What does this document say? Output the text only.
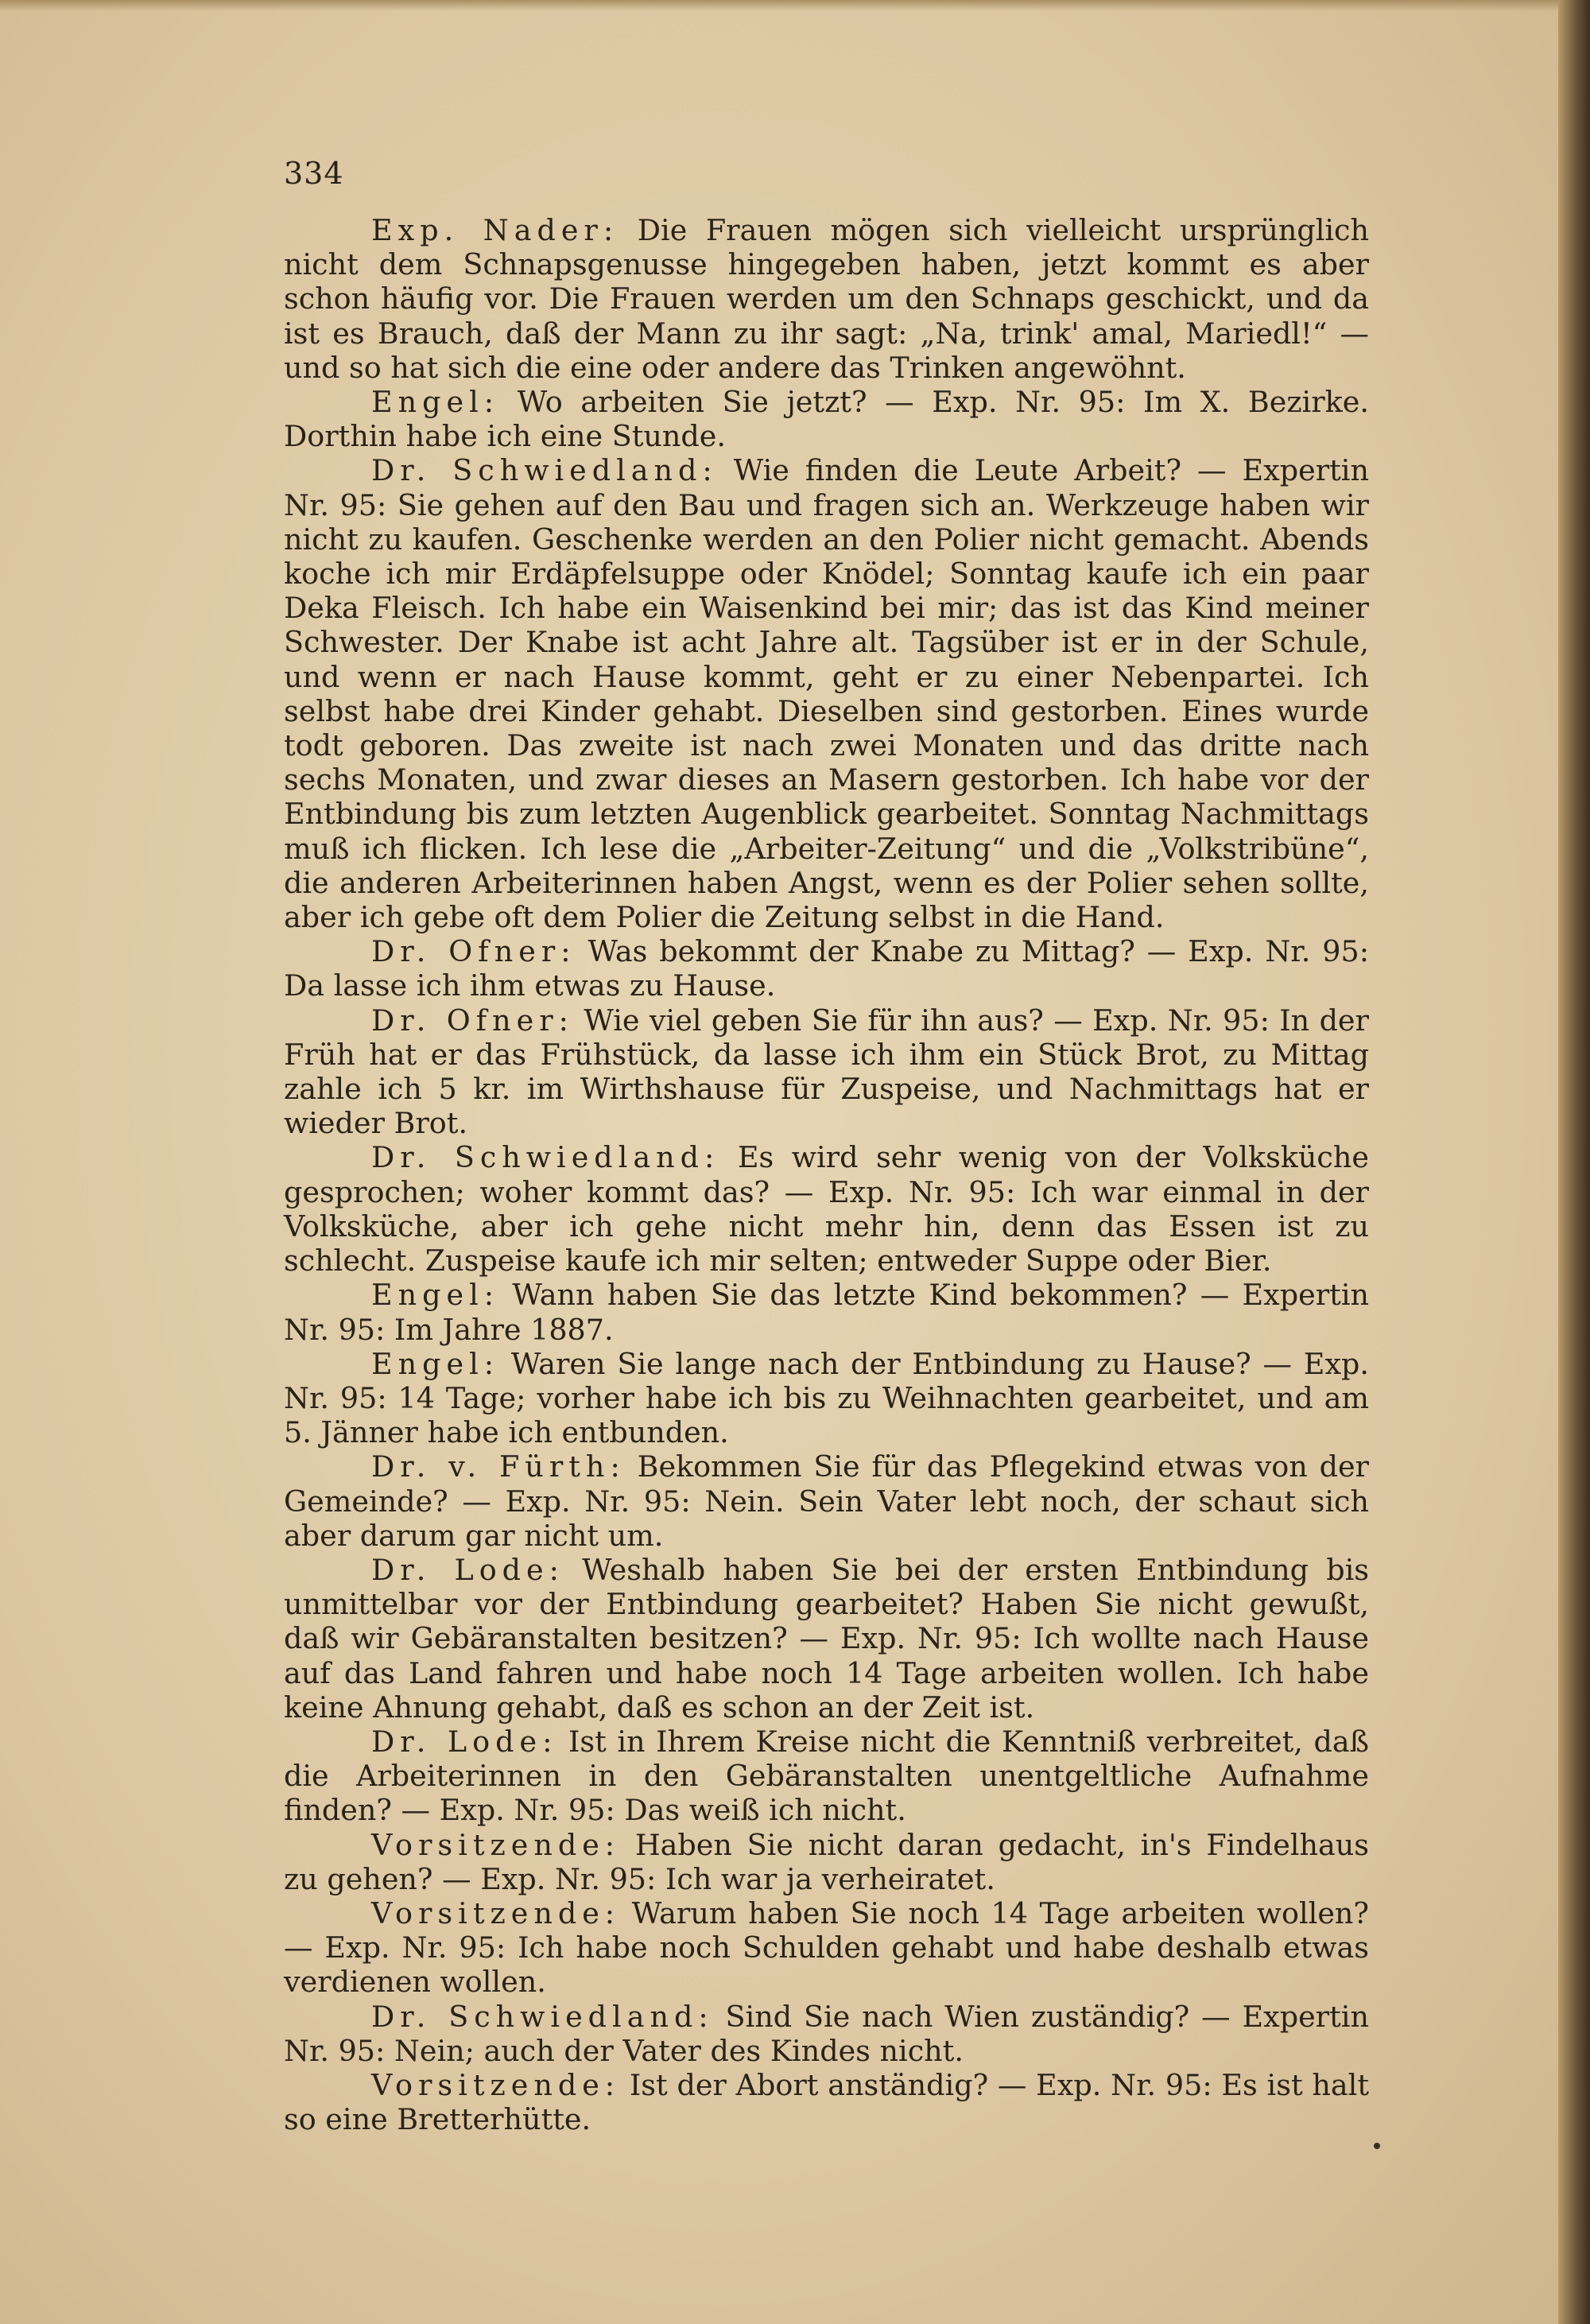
334

Exp. Nader: Die Frauen mögen sich vielleicht ursprünglich nicht dem Schnapsgenusse hingegeben haben, jetzt kommt es aber schon häufig vor. Die Frauen werden um den Schnaps geschickt, und da ist es Brauch, daß der Mann zu ihr sagt: „Na, trink' amal, Mariedl!“ — und so hat sich die eine oder andere das Trinken angewöhnt.

Engel: Wo arbeiten Sie jetzt? — Exp. Nr. 95: Im X. Bezirke. Dorthin habe ich eine Stunde.

Dr. Schwiedland: Wie finden die Leute Arbeit? — Expertin Nr. 95: Sie gehen auf den Bau und fragen sich an. Werkzeuge haben wir nicht zu kaufen. Geschenke werden an den Polier nicht gemacht. Abends koche ich mir Erdäpfelsuppe oder Knödel; Sonntag kaufe ich ein paar Deka Fleisch. Ich habe ein Waisenkind bei mir; das ist das Kind meiner Schwester. Der Knabe ist acht Jahre alt. Tagsüber ist er in der Schule, und wenn er nach Hause kommt, geht er zu einer Nebenpartei. Ich selbst habe drei Kinder gehabt. Dieselben sind gestorben. Eines wurde todt geboren. Das zweite ist nach zwei Monaten und das dritte nach sechs Monaten, und zwar dieses an Masern gestorben. Ich habe vor der Entbindung bis zum letzten Augenblick gearbeitet. Sonntag Nachmittags muß ich flicken. Ich lese die „Arbeiter-Zeitung“ und die „Volkstribüne“, die anderen Arbeiterinnen haben Angst, wenn es der Polier sehen sollte, aber ich gebe oft dem Polier die Zeitung selbst in die Hand.

Dr. Ofner: Was bekommt der Knabe zu Mittag? — Exp. Nr. 95: Da lasse ich ihm etwas zu Hause.

Dr. Ofner: Wie viel geben Sie für ihn aus? — Exp. Nr. 95: In der Früh hat er das Frühstück, da lasse ich ihm ein Stück Brot, zu Mittag zahle ich 5 kr. im Wirthshause für Zuspeise, und Nachmittags hat er wieder Brot.

Dr. Schwiedland: Es wird sehr wenig von der Volksküche gesprochen; woher kommt das? — Exp. Nr. 95: Ich war einmal in der Volksküche, aber ich gehe nicht mehr hin, denn das Essen ist zu schlecht. Zuspeise kaufe ich mir selten; entweder Suppe oder Bier.

Engel: Wann haben Sie das letzte Kind bekommen? — Expertin Nr. 95: Im Jahre 1887.

Engel: Waren Sie lange nach der Entbindung zu Hause? — Exp. Nr. 95: 14 Tage; vorher habe ich bis zu Weihnachten gearbeitet, und am 5. Jänner habe ich entbunden.

Dr. v. Fürth: Bekommen Sie für das Pflegekind etwas von der Gemeinde? — Exp. Nr. 95: Nein. Sein Vater lebt noch, der schaut sich aber darum gar nicht um.

Dr. Lode: Weshalb haben Sie bei der ersten Entbindung bis unmittelbar vor der Entbindung gearbeitet? Haben Sie nicht gewußt, daß wir Gebäranstalten besitzen? — Exp. Nr. 95: Ich wollte nach Hause auf das Land fahren und habe noch 14 Tage arbeiten wollen. Ich habe keine Ahnung gehabt, daß es schon an der Zeit ist.

Dr. Lode: Ist in Ihrem Kreise nicht die Kenntniß verbreitet, daß die Arbeiterinnen in den Gebäranstalten unentgeltliche Aufnahme finden? — Exp. Nr. 95: Das weiß ich nicht.

Vorsitzende: Haben Sie nicht daran gedacht, in's Findelhaus zu gehen? — Exp. Nr. 95: Ich war ja verheiratet.

Vorsitzende: Warum haben Sie noch 14 Tage arbeiten wollen? — Exp. Nr. 95: Ich habe noch Schulden gehabt und habe deshalb etwas verdienen wollen.

Dr. Schwiedland: Sind Sie nach Wien zuständig? — Expertin Nr. 95: Nein; auch der Vater des Kindes nicht.

Vorsitzende: Ist der Abort anständig? — Exp. Nr. 95: Es ist halt so eine Bretterhütte.
